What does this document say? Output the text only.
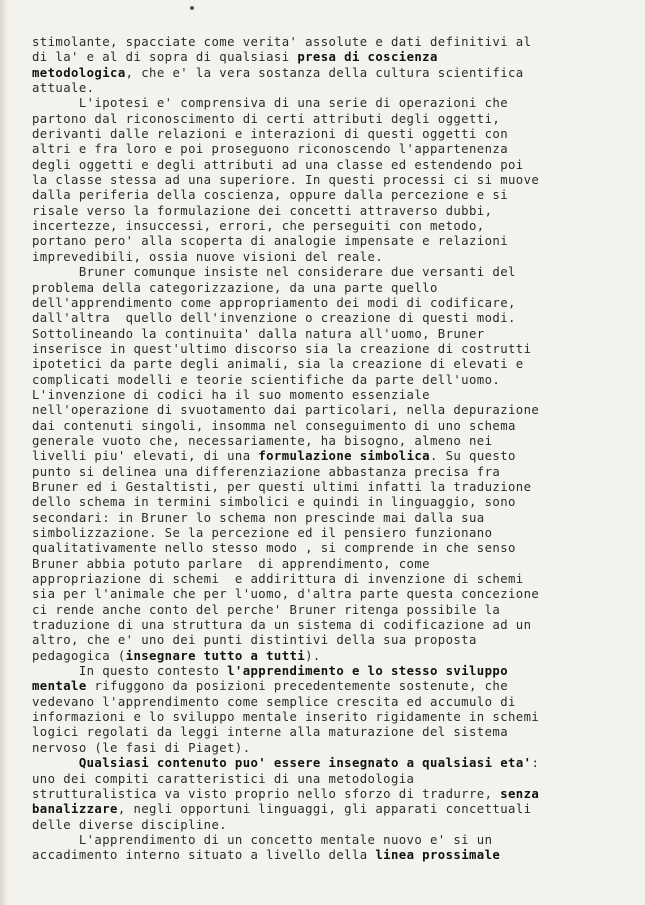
stimolante, spacciate come verita' assolute e dati definitivi al
di la' e al di sopra di qualsiasi presa di coscienza
metodologica, che e' la vera sostanza della cultura scientifica
attuale.
L'ipotesi e' comprensiva di una serie di operazioni che
partono dal riconoscimento di certi attributi degli oggetti,
derivanti dalle relazioni e interazioni di questi oggetti con
altri e fra loro e poi proseguono riconoscendo l'appartenenza
degli oggetti e degli attributi ad una classe ed estendendo poi
la classe stessa ad una superiore. In questi processi ci si muove
dalla periferia della coscienza, oppure dalla percezione e si
risale verso la formulazione dei concetti attraverso dubbi,
incertezze, insuccessi, errori, che perseguiti con metodo,
portano pero' alla scoperta di analogie impensate e relazioni
imprevedibili, ossia nuove visioni del reale.
Bruner comunque insiste nel considerare due versanti del
problema della categorizzazione, da una parte quello
dell'apprendimento come appropriamento dei modi di codificare,
dall'altra  quello dell'invenzione o creazione di questi modi.
Sottolineando la continuita' dalla natura all'uomo, Bruner
inserisce in quest'ultimo discorso sia la creazione di costrutti
ipotetici da parte degli animali, sia la creazione di elevati e
complicati modelli e teorie scientifiche da parte dell'uomo.
L'invenzione di codici ha il suo momento essenziale
nell'operazione di svuotamento dai particolari, nella depurazione
dai contenuti singoli, insomma nel conseguimento di uno schema
generale vuoto che, necessariamente, ha bisogno, almeno nei
livelli piu' elevati, di una formulazione simbolica. Su questo
punto si delinea una differenziazione abbastanza precisa fra
Bruner ed i Gestaltisti, per questi ultimi infatti la traduzione
dello schema in termini simbolici e quindi in linguaggio, sono
secondari: in Bruner lo schema non prescinde mai dalla sua
simbolizzazione. Se la percezione ed il pensiero funzionano
qualitativamente nello stesso modo , si comprende in che senso
Bruner abbia potuto parlare  di apprendimento, come
appropriazione di schemi  e addirittura di invenzione di schemi
sia per l'animale che per l'uomo, d'altra parte questa concezione
ci rende anche conto del perche' Bruner ritenga possibile la
traduzione di una struttura da un sistema di codificazione ad un
altro, che e' uno dei punti distintivi della sua proposta
pedagogica (insegnare tutto a tutti).
In questo contesto l'apprendimento e lo stesso sviluppo
mentale rifuggono da posizioni precedentemente sostenute, che
vedevano l'apprendimento come semplice crescita ed accumulo di
informazioni e lo sviluppo mentale inserito rigidamente in schemi
logici regolati da leggi interne alla maturazione del sistema
nervoso (le fasi di Piaget).
Qualsiasi contenuto puo' essere insegnato a qualsiasi eta':
uno dei compiti caratteristici di una metodologia
strutturalistica va visto proprio nello sforzo di tradurre, senza
banalizzare, negli opportuni linguaggi, gli apparati concettuali
delle diverse discipline.
L'apprendimento di un concetto mentale nuovo e' si un
accadimento interno situato a livello della linea prossimale
